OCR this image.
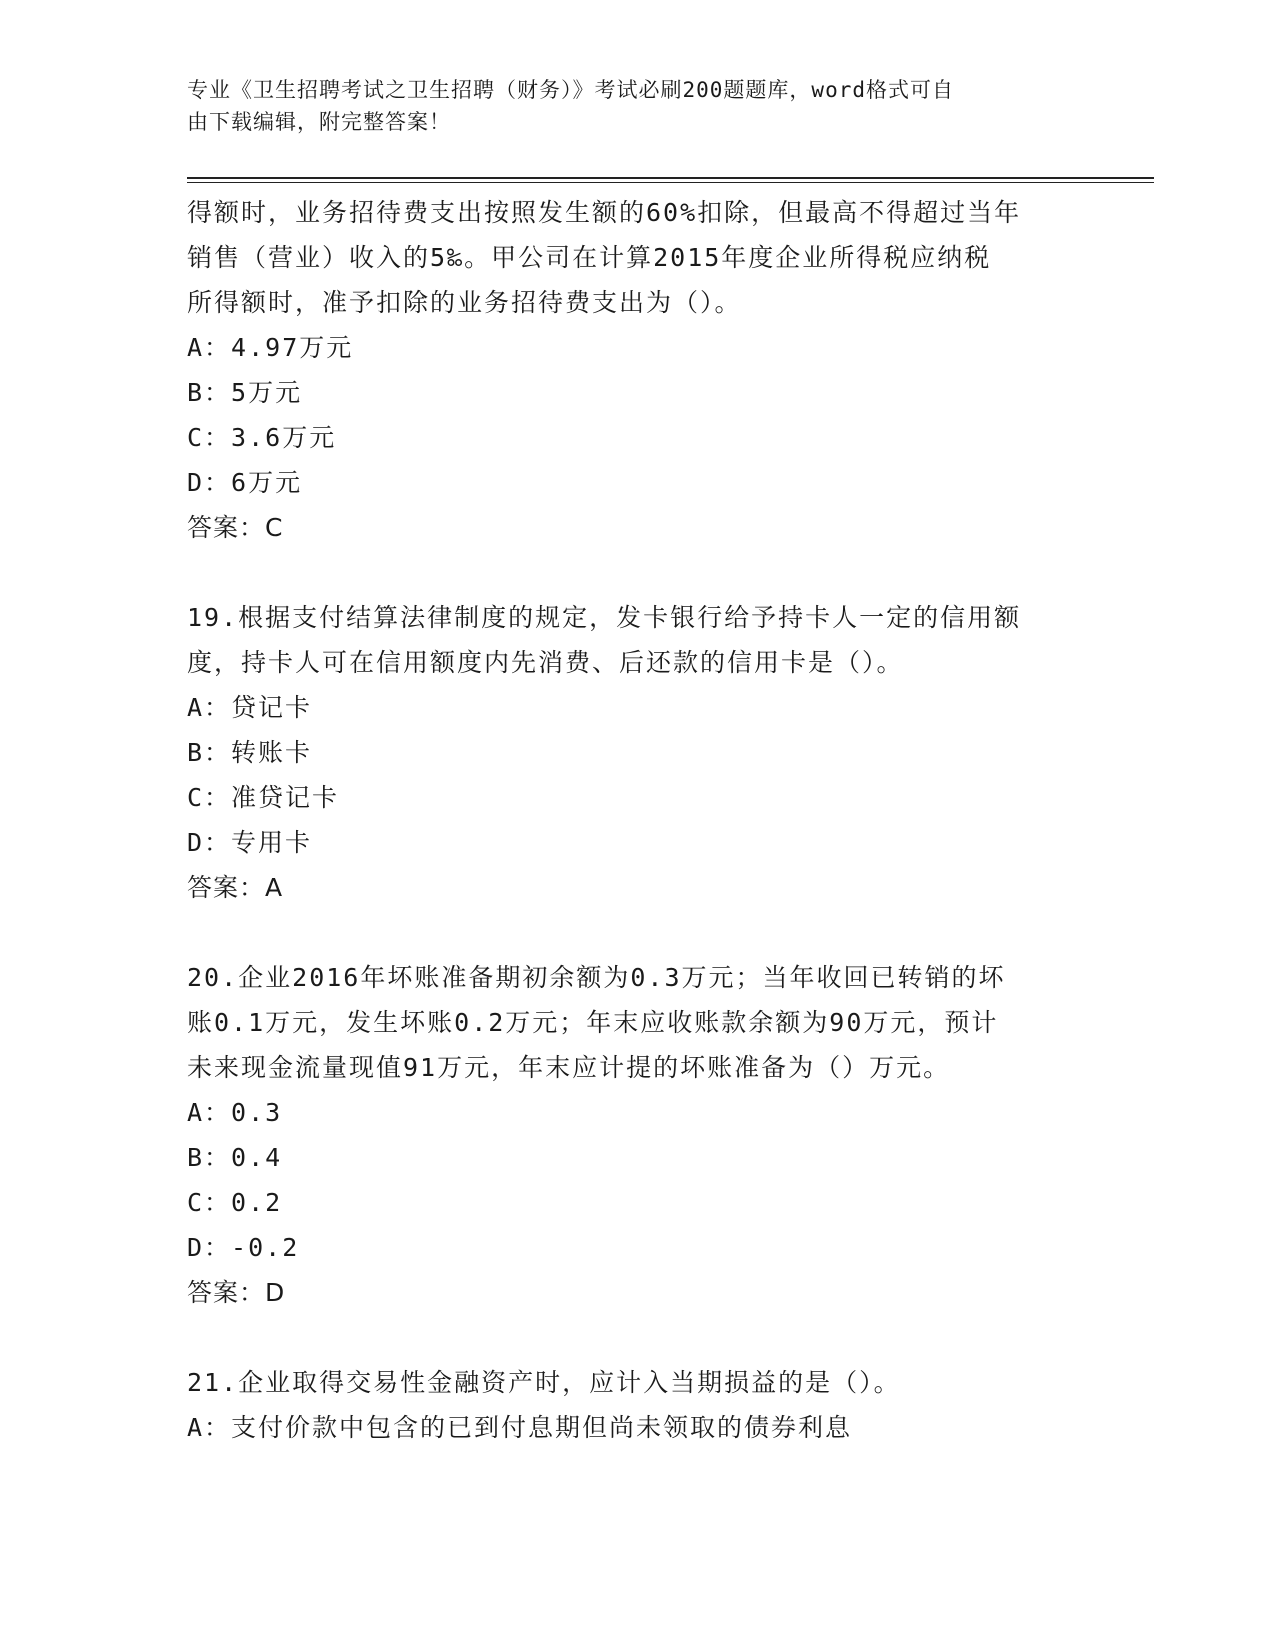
专业《卫生招聘考试之卫生招聘（财务）》考试必刷200题题库，word格式可自
由下载编辑，附完整答案！
得额时，业务招待费支出按照发生额的60%扣除，但最高不得超过当年
销售（营业）收入的5‰。甲公司在计算2015年度企业所得税应纳税
所得额时，准予扣除的业务招待费支出为（）。
A：4.97万元
B：5万元
C：3.6万元
D：6万元
答案：C
19.根据支付结算法律制度的规定，发卡银行给予持卡人一定的信用额
度，持卡人可在信用额度内先消费、后还款的信用卡是（）。
A：贷记卡
B：转账卡
C：准贷记卡
D：专用卡
答案：A
20.企业2016年坏账准备期初余额为0.3万元；当年收回已转销的坏
账0.1万元，发生坏账0.2万元；年末应收账款余额为90万元，预计
未来现金流量现值91万元，年末应计提的坏账准备为（）万元。
A：0.3
B：0.4
C：0.2
D：-0.2
答案：D
21.企业取得交易性金融资产时，应计入当期损益的是（）。
A：支付价款中包含的已到付息期但尚未领取的债券利息
